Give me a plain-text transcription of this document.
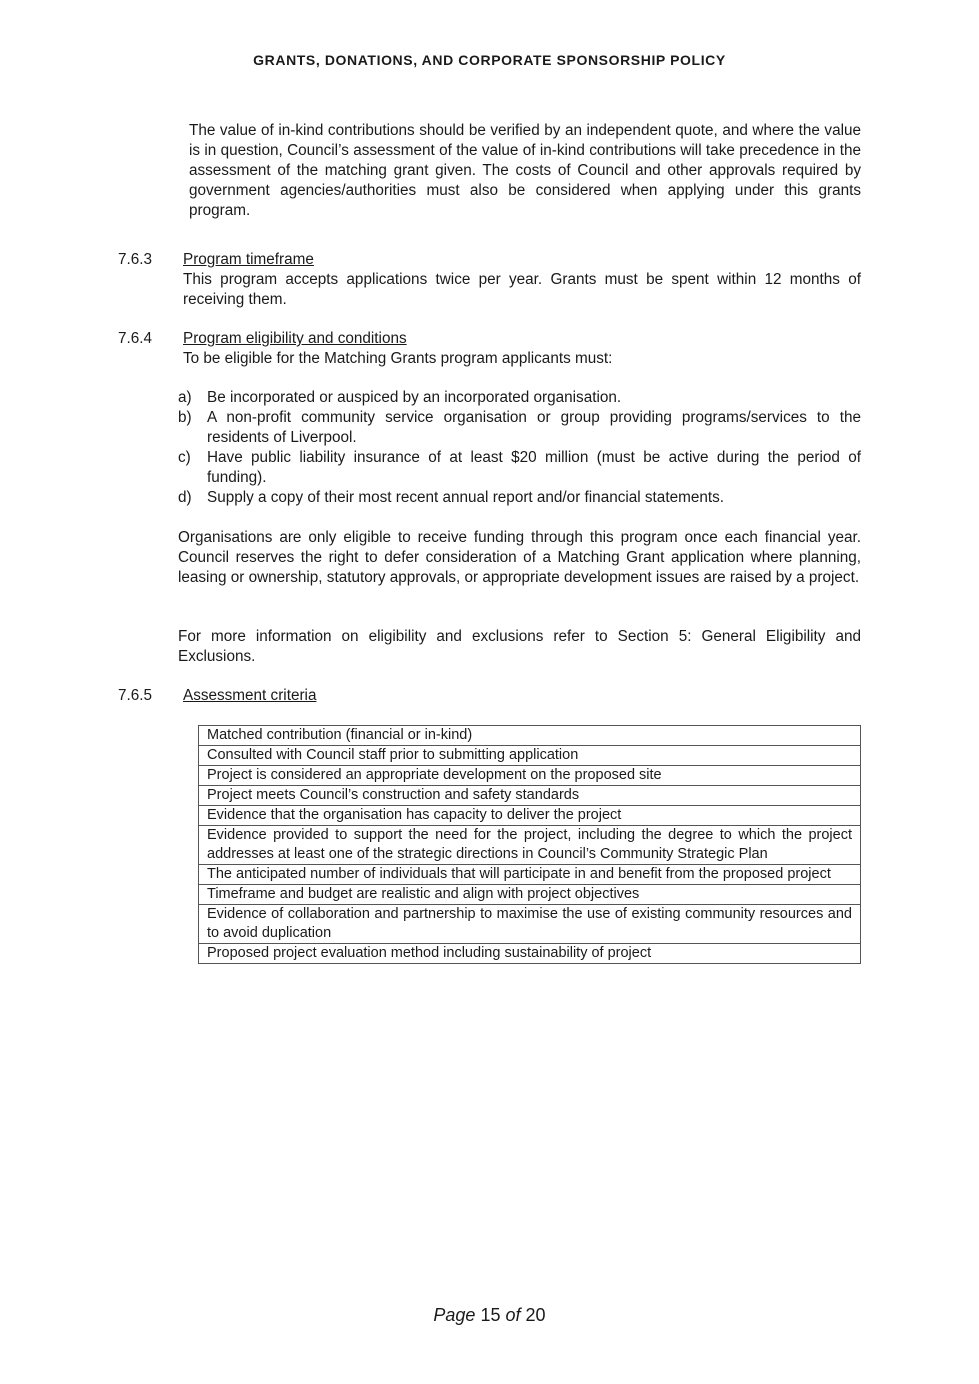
GRANTS, DONATIONS, AND CORPORATE SPONSORSHIP POLICY

The value of in-kind contributions should be verified by an independent quote, and where the value is in question, Council’s assessment of the value of in-kind contributions will take precedence in the assessment of the matching grant given. The costs of Council and other approvals required by government agencies/authorities must also be considered when applying under this grants program.

7.6.3 Program timeframe

This program accepts applications twice per year. Grants must be spent within 12 months of receiving them.

7.6.4 Program eligibility and conditions

To be eligible for the Matching Grants program applicants must:

a) Be incorporated or auspiced by an incorporated organisation.
b) A non-profit community service organisation or group providing programs/services to the residents of Liverpool.
c) Have public liability insurance of at least $20 million (must be active during the period of funding).
d) Supply a copy of their most recent annual report and/or financial statements.

Organisations are only eligible to receive funding through this program once each financial year. Council reserves the right to defer consideration of a Matching Grant application where planning, leasing or ownership, statutory approvals, or appropriate development issues are raised by a project.

For more information on eligibility and exclusions refer to Section 5: General Eligibility and Exclusions.

7.6.5 Assessment criteria
Matched contribution (financial or in-kind)
Consulted with Council staff prior to submitting application
Project is considered an appropriate development on the proposed site
Project meets Council’s construction and safety standards
Evidence that the organisation has capacity to deliver the project
Evidence provided to support the need for the project, including the degree to which the project addresses at least one of the strategic directions in Council’s Community Strategic Plan
The anticipated number of individuals that will participate in and benefit from the proposed project
Timeframe and budget are realistic and align with project objectives
Evidence of collaboration and partnership to maximise the use of existing community resources and to avoid duplication
Proposed project evaluation method including sustainability of project
Page 15 of 20
